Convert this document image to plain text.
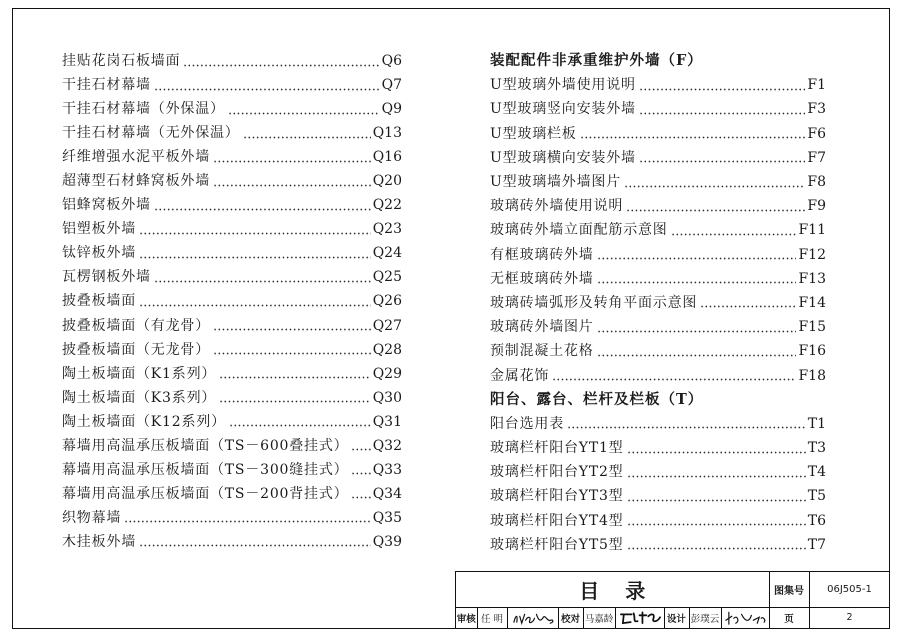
挂贴花岗石板墙面	Q6
干挂石材幕墙	Q7
干挂石材幕墙（外保温）	Q9
干挂石材幕墙（无外保温）	Q13
纤维增强水泥平板外墙	Q16
超薄型石材蜂窝板外墙	Q20
铝蜂窝板外墙	Q22
铝塑板外墙	Q23
钛锌板外墙	Q24
瓦楞钢板外墙	Q25
披叠板墙面	Q26
披叠板墙面（有龙骨）	Q27
披叠板墙面（无龙骨）	Q28
陶土板墙面（K1系列）	Q29
陶土板墙面（K3系列）	Q30
陶土板墙面（K12系列）	Q31
幕墙用高温承压板墙面（TS－600叠挂式） Q32
幕墙用高温承压板墙面（TS－300缝挂式） Q33
幕墙用高温承压板墙面（TS－200背挂式） Q34
织物幕墙	Q35
木挂板外墙	Q39
装配配件非承重维护外墙（F）
U型玻璃外墙使用说明	F1
U型玻璃竖向安装外墙	F3
U型玻璃栏板	F6
U型玻璃横向安装外墙	F7
U型玻璃墙外墙图片	F8
玻璃砖外墙使用说明	F9
玻璃砖外墙立面配筋示意图	F11
有框玻璃砖外墙	F12
无框玻璃砖外墙	F13
玻璃砖墙弧形及转角平面示意图	F14
玻璃砖外墙图片	F15
预制混凝土花格	F16
金属花饰	F18
阳台、露台、栏杆及栏板（T）
阳台选用表	T1
玻璃栏杆阳台YT1型	T3
玻璃栏杆阳台YT2型	T4
玻璃栏杆阳台YT3型	T5
玻璃栏杆阳台YT4型	T6
玻璃栏杆阳台YT5型	T7
目录	图集号	06J505-1
审核 任 明	校对 马嘉龄	设计 彭璞云	页	2
